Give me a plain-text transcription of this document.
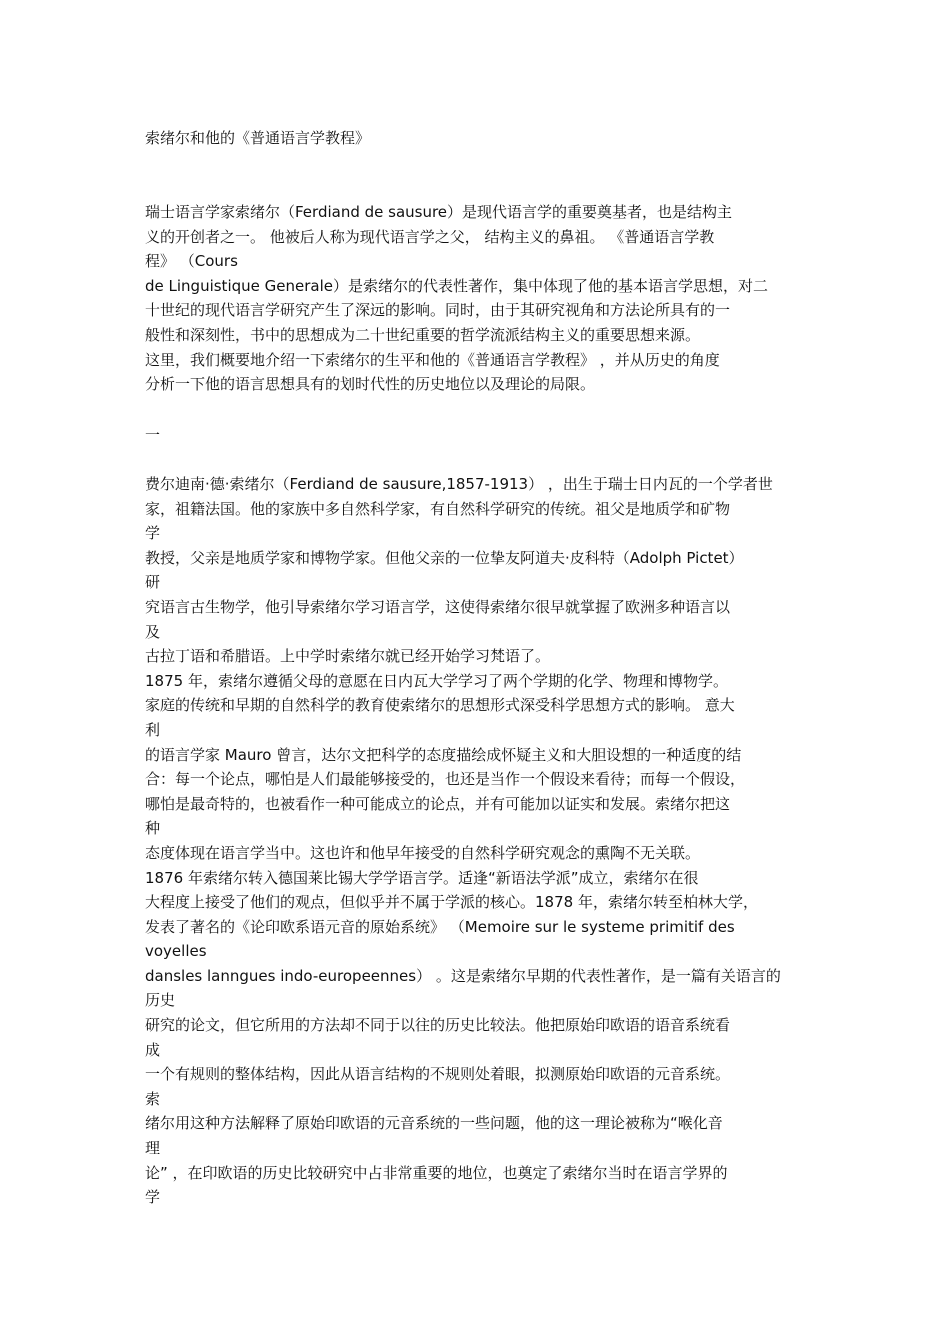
索绪尔和他的《普通语言学教程》
瑞士语言学家索绪尔（Ferdiand de sausure）是现代语言学的重要奠基者，也是结构主
义的开创者之一。 他被后人称为现代语言学之父， 结构主义的鼻祖。 《普通语言学教
程》 （Cours
de Linguistique Generale）是索绪尔的代表性著作，集中体现了他的基本语言学思想，对二
十世纪的现代语言学研究产生了深远的影响。同时，由于其研究视角和方法论所具有的一
般性和深刻性，书中的思想成为二十世纪重要的哲学流派结构主义的重要思想来源。
这里，我们概要地介绍一下索绪尔的生平和他的《普通语言学教程》 ，并从历史的角度
分析一下他的语言思想具有的划时代性的历史地位以及理论的局限。
一
费尔迪南·德·索绪尔（Ferdiand de sausure,1857-1913） ，出生于瑞士日内瓦的一个学者世
家，祖籍法国。他的家族中多自然科学家，有自然科学研究的传统。祖父是地质学和矿物
学
教授，父亲是地质学家和博物学家。但他父亲的一位挚友阿道夫·皮科特（Adolph Pictet）
研
究语言古生物学，他引导索绪尔学习语言学，这使得索绪尔很早就掌握了欧洲多种语言以
及
古拉丁语和希腊语。上中学时索绪尔就已经开始学习梵语了。
1875 年，索绪尔遵循父母的意愿在日内瓦大学学习了两个学期的化学、物理和博物学。
家庭的传统和早期的自然科学的教育使索绪尔的思想形式深受科学思想方式的影响。 意大
利
的语言学家 Mauro 曾言，达尔文把科学的态度描绘成怀疑主义和大胆设想的一种适度的结
合：每一个论点，哪怕是人们最能够接受的，也还是当作一个假设来看待；而每一个假设，
哪怕是最奇特的，也被看作一种可能成立的论点，并有可能加以证实和发展。索绪尔把这
种
态度体现在语言学当中。这也许和他早年接受的自然科学研究观念的熏陶不无关联。
1876 年索绪尔转入德国莱比锡大学学语言学。适逢“新语法学派”成立，索绪尔在很
大程度上接受了他们的观点，但似乎并不属于学派的核心。1878 年，索绪尔转至柏林大学，
发表了著名的《论印欧系语元音的原始系统》 （Memoire sur le systeme primitif des
voyelles
dansles lanngues indo-europeennes） 。这是索绪尔早期的代表性著作，是一篇有关语言的
历史
研究的论文，但它所用的方法却不同于以往的历史比较法。他把原始印欧语的语音系统看
成
一个有规则的整体结构，因此从语言结构的不规则处着眼，拟测原始印欧语的元音系统。
索
绪尔用这种方法解释了原始印欧语的元音系统的一些问题，他的这一理论被称为“喉化音
理
论” ，在印欧语的历史比较研究中占非常重要的地位，也奠定了索绪尔当时在语言学界的
学
